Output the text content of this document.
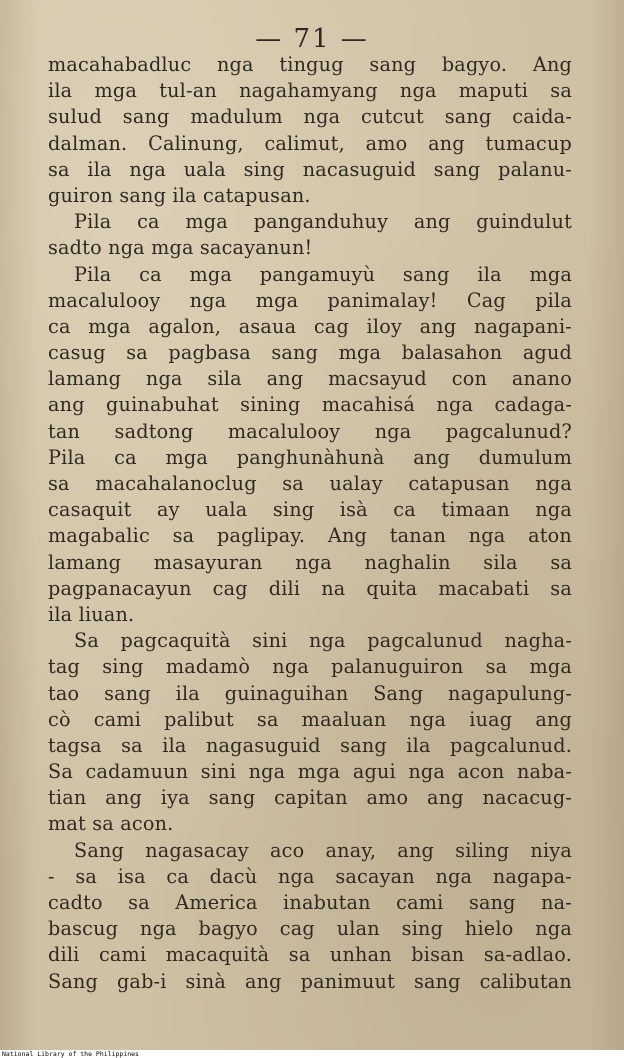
— 71 —
macahabadluc nga tingug sang bagyo. Ang
ila mga tul-an nagahamyang nga maputi sa
sulud sang madulum nga cutcut sang caida-
dalman. Calinung, calimut, amo ang tumacup
sa ila nga uala sing nacasuguid sang palanu-
guiron sang ila catapusan.
Pila ca mga panganduhuy ang guindulut
sadto nga mga sacayanun!
Pila ca mga pangamuyù sang ila mga
macalulooy nga mga panimalay! Cag pila
ca mga agalon, asaua cag iloy ang nagapani-
casug sa pagbasa sang mga balasahon agud
lamang nga sila ang macsayud con anano
ang guinabuhat sining macahisá nga cadaga-
tan sadtong macalulooy nga pagcalunud?
Pila ca mga panghunàhunà ang dumulum
sa macahalanoclug sa ualay catapusan nga
casaquit ay uala sing isà ca timaan nga
magabalic sa paglipay. Ang tanan nga aton
lamang masayuran nga naghalin sila sa
pagpanacayun cag dili na quita macabati sa
ila liuan.
Sa pagcaquità sini nga pagcalunud nagha-
tag sing madamò nga palanuguiron sa mga
tao sang ila guinaguihan Sang nagapulung-
cò cami palibut sa maaluan nga iuag ang
tagsa sa ila nagasuguid sang ila pagcalunud.
Sa cadamuun sini nga mga agui nga acon naba-
tian ang iya sang capitan amo ang nacacug-
mat sa acon.
Sang nagasacay aco anay, ang siling niya
- sa isa ca dacù nga sacayan nga nagapa-
cadto sa America inabutan cami sang na-
bascug nga bagyo cag ulan sing hielo nga
dili cami macaquità sa unhan bisan sa-adlao.
Sang gab-i sinà ang panimuut sang calibutan
National Library of the Philippines
